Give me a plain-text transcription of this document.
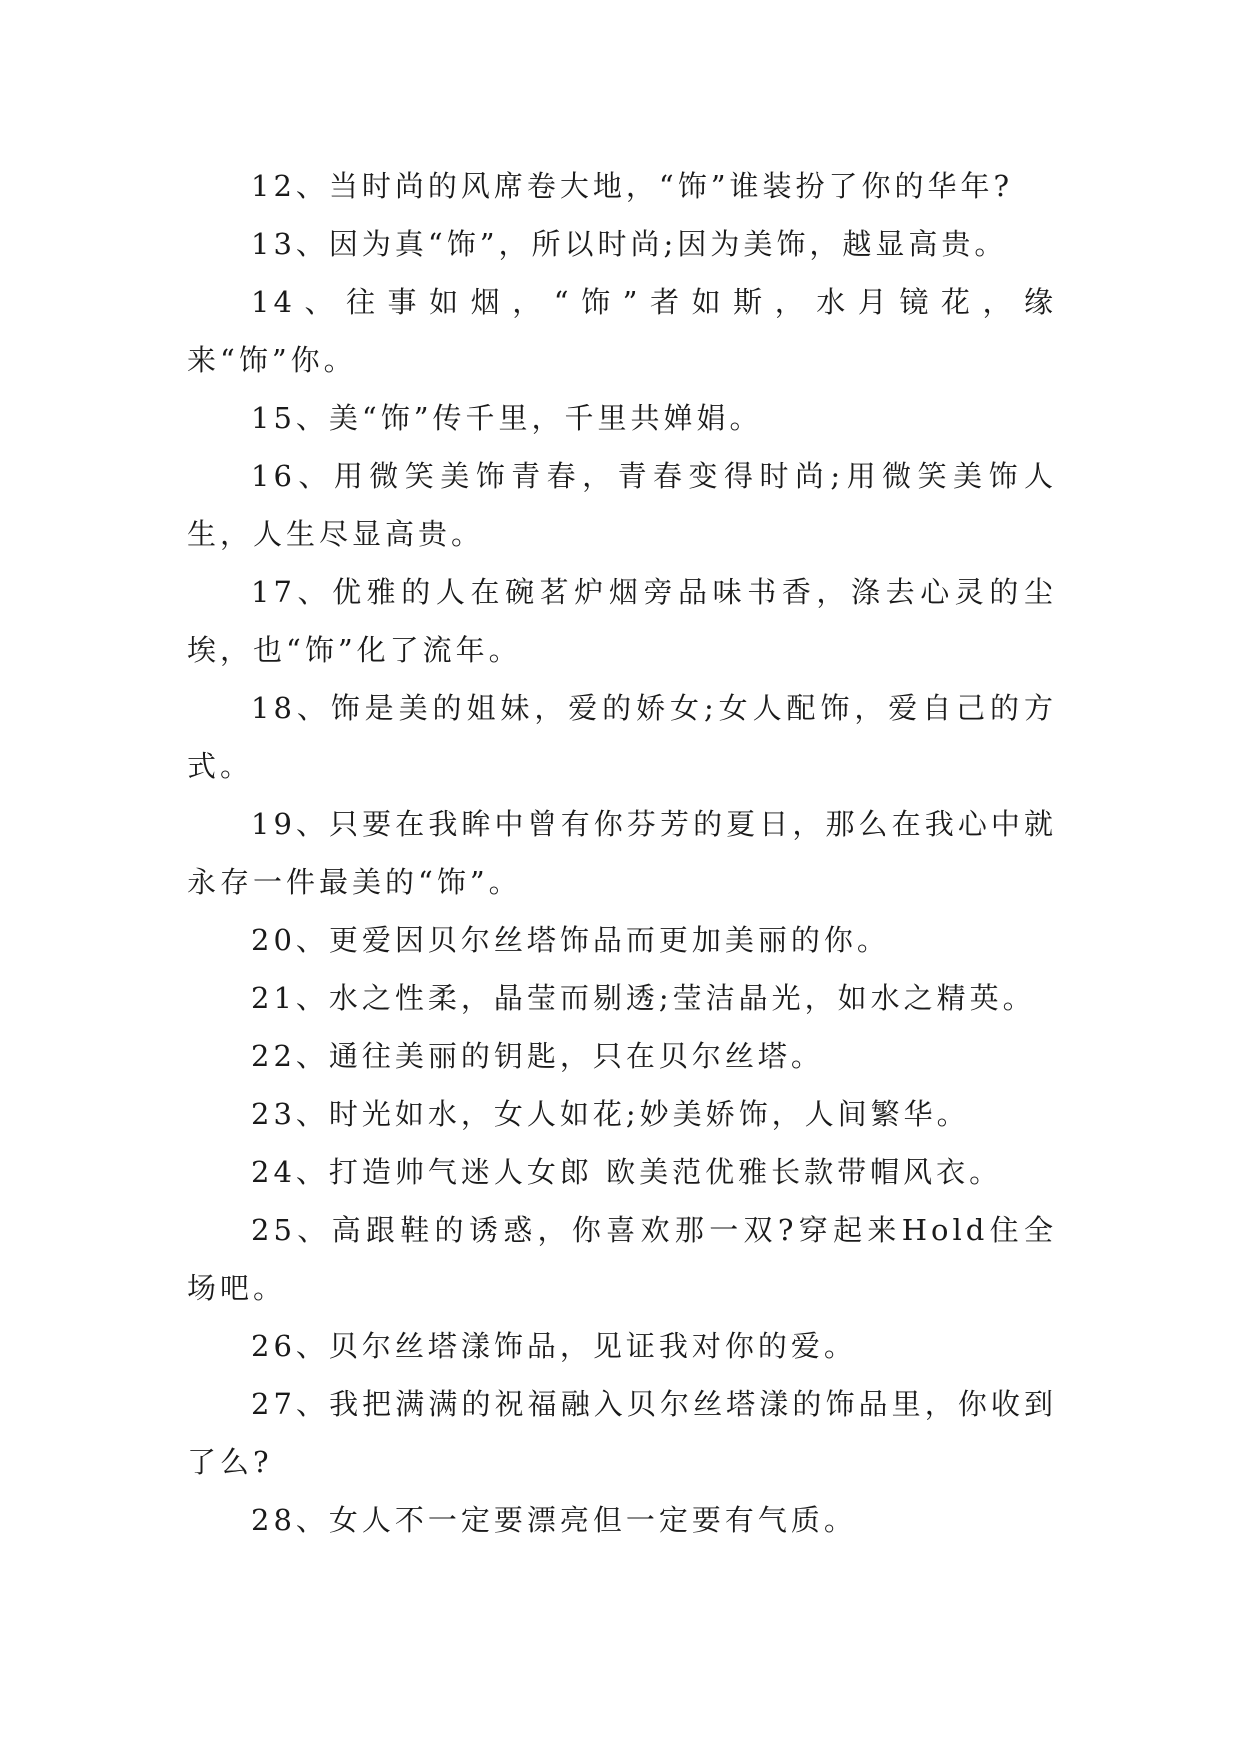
12、当时尚的风席卷大地，“饰”谁装扮了你的华年?

13、因为真“饰”，所以时尚;因为美饰，越显高贵。

14、往事如烟，“饰”者如斯，水月镜花，缘来“饰”你。

15、美“饰”传千里，千里共婵娟。

16、用微笑美饰青春，青春变得时尚;用微笑美饰人生，人生尽显高贵。

17、优雅的人在碗茗炉烟旁品味书香，涤去心灵的尘埃，也“饰”化了流年。

18、饰是美的姐妹，爱的娇女;女人配饰，爱自己的方式。

19、只要在我眸中曾有你芬芳的夏日，那么在我心中就永存一件最美的“饰”。

20、更爱因贝尔丝塔饰品而更加美丽的你。

21、水之性柔，晶莹而剔透;莹洁晶光，如水之精英。

22、通往美丽的钥匙，只在贝尔丝塔。

23、时光如水，女人如花;妙美娇饰，人间繁华。

24、打造帅气迷人女郎 欧美范优雅长款带帽风衣。

25、高跟鞋的诱惑，你喜欢那一双?穿起来Hold住全场吧。

26、贝尔丝塔漾饰品，见证我对你的爱。

27、我把满满的祝福融入贝尔丝塔漾的饰品里，你收到了么?

28、女人不一定要漂亮但一定要有气质。
